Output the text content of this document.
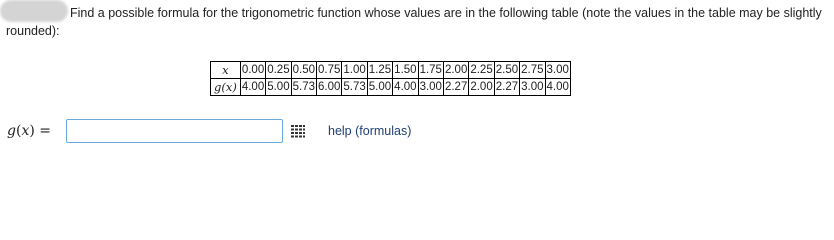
Find a possible formula for the trigonometric function whose values are in the following table (note the values in the table may be slightly rounded):

x	0.00	0.25	0.50	0.75	1.00	1.25	1.50	1.75	2.00	2.25	2.50	2.75	3.00
g(x)	4.00	5.00	5.73	6.00	5.73	5.00	4.00	3.00	2.27	2.00	2.27	3.00	4.00
g(x) =	help (formulas)
